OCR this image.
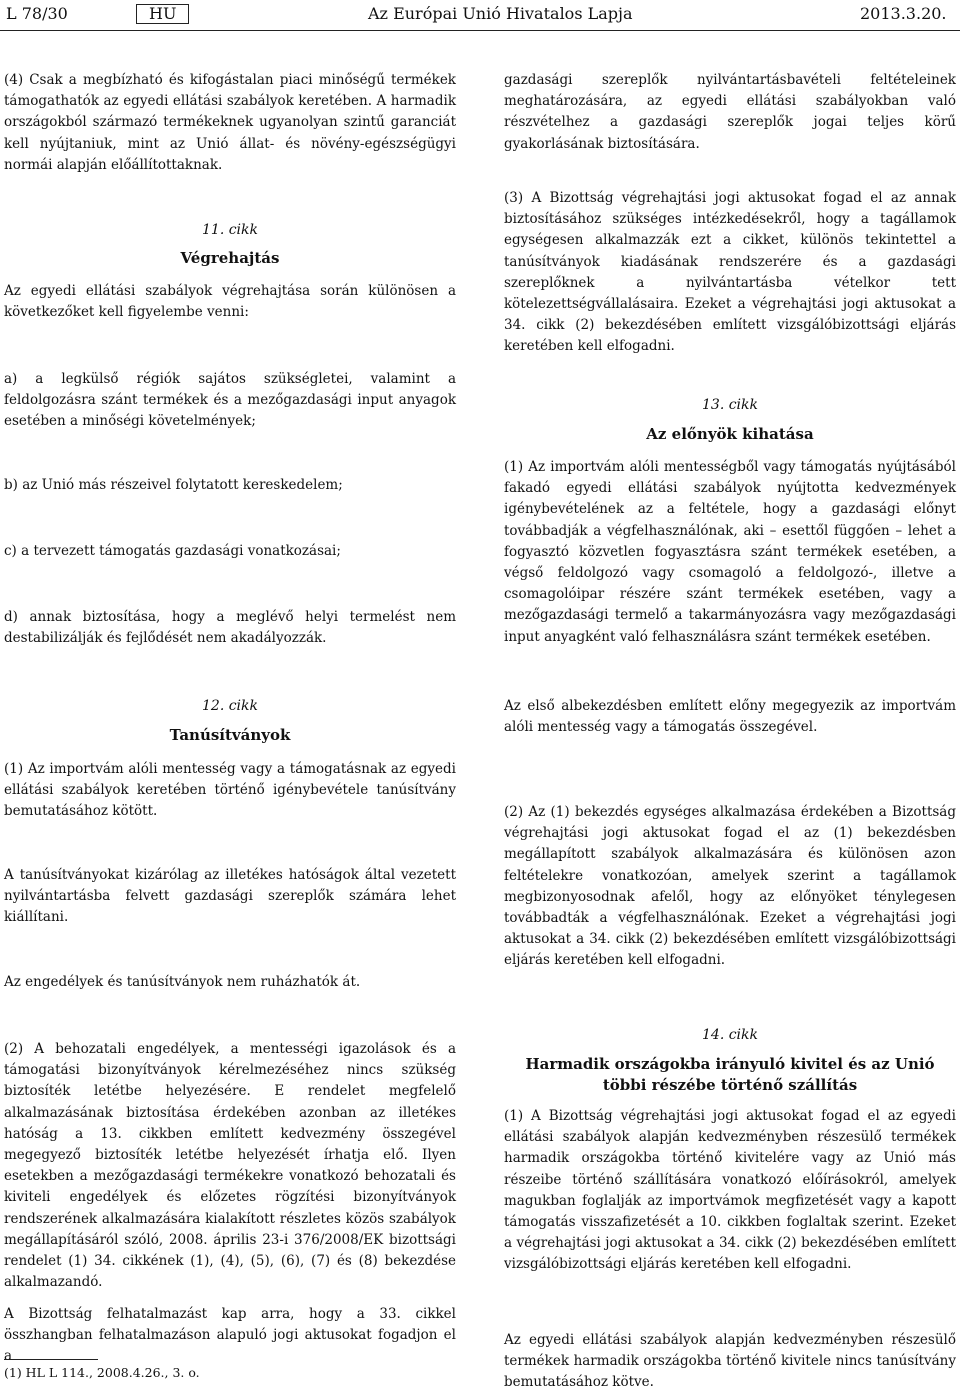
L 78/30	HU	Az Európai Unió Hivatalos Lapja	2013.3.20.

(4) Csak a megbízható és kifogástalan piaci minőségű termékek támogathatók az egyedi ellátási szabályok keretében. A harmadik országokból származó termékeknek ugyanolyan szintű garanciát kell nyújtaniuk, mint az Unió állat- és növény-egészségügyi normái alapján előállítottaknak.

11. cikk
Végrehajtás

Az egyedi ellátási szabályok végrehajtása során különösen a következőket kell figyelembe venni:

a) a legkülső régiók sajátos szükségletei, valamint a feldolgozásra szánt termékek és a mezőgazdasági input anyagok esetében a minőségi követelmények;

b) az Unió más részeivel folytatott kereskedelem;

c) a tervezett támogatás gazdasági vonatkozásai;

d) annak biztosítása, hogy a meglévő helyi termelést nem destabilizálják és fejlődését nem akadályozzák.

12. cikk
Tanúsítványok

(1) Az importvám alóli mentesség vagy a támogatásnak az egyedi ellátási szabályok keretében történő igénybevétele tanúsítvány bemutatásához kötött.

A tanúsítványokat kizárólag az illetékes hatóságok által vezetett nyilvántartásba felvett gazdasági szereplők számára lehet kiállítani.

Az engedélyek és tanúsítványok nem ruházhatók át.

(2) A behozatali engedélyek, a mentességi igazolások és a támogatási bizonyítványok kérelmezéséhez nincs szükség biztosíték letétbe helyezésére. E rendelet megfelelő alkalmazásának biztosítása érdekében azonban az illetékes hatóság a 13. cikkben említett kedvezmény összegével megegyező biztosíték letétbe helyezését írhatja elő. Ilyen esetekben a mezőgazdasági termékekre vonatkozó behozatali és kiviteli engedélyek és előzetes rögzítési bizonyítványok rendszerének alkalmazására kialakított részletes közös szabályok megállapításáról szóló, 2008. április 23-i 376/2008/EK bizottsági rendelet (1) 34. cikkének (1), (4), (5), (6), (7) és (8) bekezdése alkalmazandó.

A Bizottság felhatalmazást kap arra, hogy a 33. cikkel összhangban felhatalmazáson alapuló jogi aktusokat fogadjon el a

(1) HL L 114., 2008.4.26., 3. o.

gazdasági szereplők nyilvántartásbavételi feltételeinek meghatározására, az egyedi ellátási szabályokban való részvételhez a gazdasági szereplők jogai teljes körű gyakorlásának biztosítására.

(3) A Bizottság végrehajtási jogi aktusokat fogad el az annak biztosításához szükséges intézkedésekről, hogy a tagállamok egységesen alkalmazzák ezt a cikket, különös tekintettel a tanúsítványok kiadásának rendszerére és a gazdasági szereplőknek a nyilvántartásba vételkor tett kötelezettségvállalásaira. Ezeket a végrehajtási jogi aktusokat a 34. cikk (2) bekezdésében említett vizsgálóbizottsági eljárás keretében kell elfogadni.

13. cikk
Az előnyök kihatása

(1) Az importvám alóli mentességből vagy támogatás nyújtásából fakadó egyedi ellátási szabályok nyújtotta kedvezmények igénybevételének az a feltétele, hogy a gazdasági előnyt továbbadják a végfelhasználónak, aki – esettől függően – lehet a fogyasztó közvetlen fogyasztásra szánt termékek esetében, a végső feldolgozó vagy csomagoló a feldolgozó-, illetve a csomagolóipar részére szánt termékek esetében, vagy a mezőgazdasági termelő a takarmányozásra vagy mezőgazdasági input anyagként való felhasználásra szánt termékek esetében.

Az első albekezdésben említett előny megegyezik az importvám alóli mentesség vagy a támogatás összegével.

(2) Az (1) bekezdés egységes alkalmazása érdekében a Bizottság végrehajtási jogi aktusokat fogad el az (1) bekezdésben megállapított szabályok alkalmazására és különösen azon feltételekre vonatkozóan, amelyek szerint a tagállamok megbizonyosodnak afelől, hogy az előnyöket ténylegesen továbbadták a végfelhasználónak. Ezeket a végrehajtási jogi aktusokat a 34. cikk (2) bekezdésében említett vizsgálóbizottsági eljárás keretében kell elfogadni.

14. cikk
Harmadik országokba irányuló kivitel és az Unió többi részébe történő szállítás

(1) A Bizottság végrehajtási jogi aktusokat fogad el az egyedi ellátási szabályok alapján kedvezményben részesülő termékek harmadik országokba történő kivitelére vagy az Unió más részeibe történő szállítására vonatkozó előírásokról, amelyek magukban foglalják az importvámok megfizetését vagy a kapott támogatás visszafizetését a 10. cikkben foglaltak szerint. Ezeket a végrehajtási jogi aktusokat a 34. cikk (2) bekezdésében említett vizsgálóbizottsági eljárás keretében kell elfogadni.

Az egyedi ellátási szabályok alapján kedvezményben részesülő termékek harmadik országokba történő kivitele nincs tanúsítvány bemutatásához kötve.
